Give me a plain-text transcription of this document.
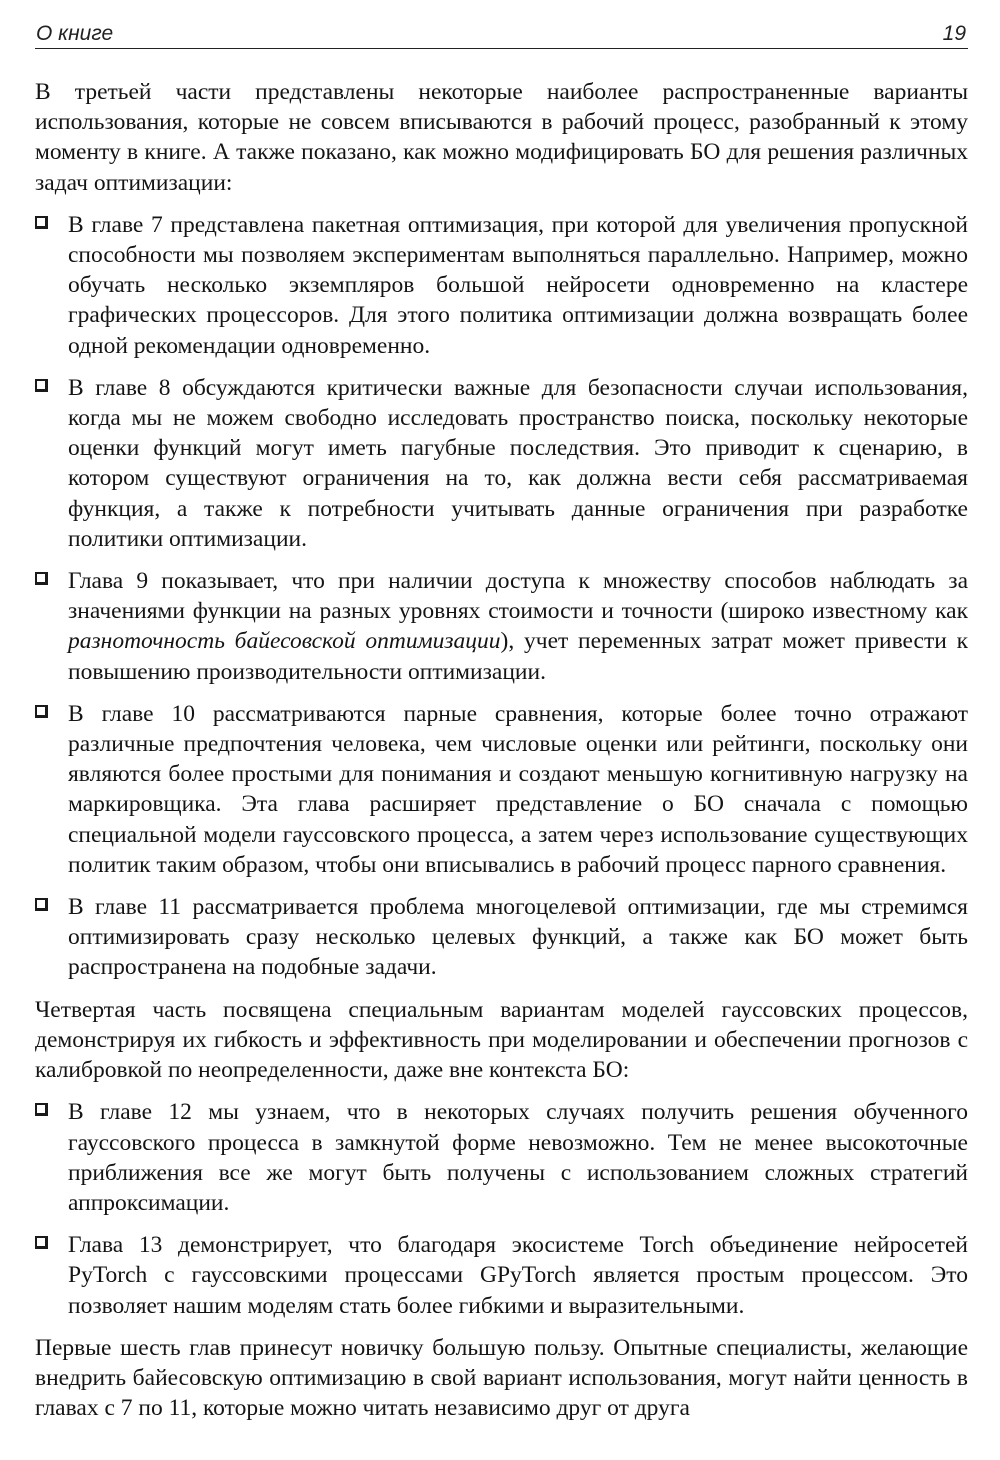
О книге	19

В третьей части представлены некоторые наиболее распространенные варианты использования, которые не совсем вписываются в рабочий процесс, разобранный к этому моменту в книге. А также показано, как можно модифицировать БО для решения различных задач оптимизации:

В главе 7 представлена пакетная оптимизация, при которой для увеличения пропускной способности мы позволяем экспериментам выполняться параллельно. Например, можно обучать несколько экземпляров большой нейросети одновременно на кластере графических процессоров. Для этого политика оптимизации должна возвращать более одной рекомендации одновременно.
В главе 8 обсуждаются критически важные для безопасности случаи использования, когда мы не можем свободно исследовать пространство поиска, поскольку некоторые оценки функций могут иметь пагубные последствия. Это приводит к сценарию, в котором существуют ограничения на то, как должна вести себя рассматриваемая функция, а также к потребности учитывать данные ограничения при разработке политики оптимизации.
Глава 9 показывает, что при наличии доступа к множеству способов наблюдать за значениями функции на разных уровнях стоимости и точности (широко известному как разноточность байесовской оптимизации), учет переменных затрат может привести к повышению производительности оптимизации.
В главе 10 рассматриваются парные сравнения, которые более точно отражают различные предпочтения человека, чем числовые оценки или рейтинги, поскольку они являются более простыми для понимания и создают меньшую когнитивную нагрузку на маркировщика. Эта глава расширяет представление о БО сначала с помощью специальной модели гауссовского процесса, а затем через использование существующих политик таким образом, чтобы они вписывались в рабочий процесс парного сравнения.
В главе 11 рассматривается проблема многоцелевой оптимизации, где мы стремимся оптимизировать сразу несколько целевых функций, а также как БО может быть распространена на подобные задачи.

Четвертая часть посвящена специальным вариантам моделей гауссовских процессов, демонстрируя их гибкость и эффективность при моделировании и обеспечении прогнозов с калибровкой по неопределенности, даже вне контекста БО:

В главе 12 мы узнаем, что в некоторых случаях получить решения обученного гауссовского процесса в замкнутой форме невозможно. Тем не менее высокоточные приближения все же могут быть получены с использованием сложных стратегий аппроксимации.
Глава 13 демонстрирует, что благодаря экосистеме Torch объединение нейросетей PyTorch с гауссовскими процессами GPyTorch является простым процессом. Это позволяет нашим моделям стать более гибкими и выразительными.

Первые шесть глав принесут новичку большую пользу. Опытные специалисты, желающие внедрить байесовскую оптимизацию в свой вариант использования, могут найти ценность в главах с 7 по 11, которые можно читать независимо друг от друга
